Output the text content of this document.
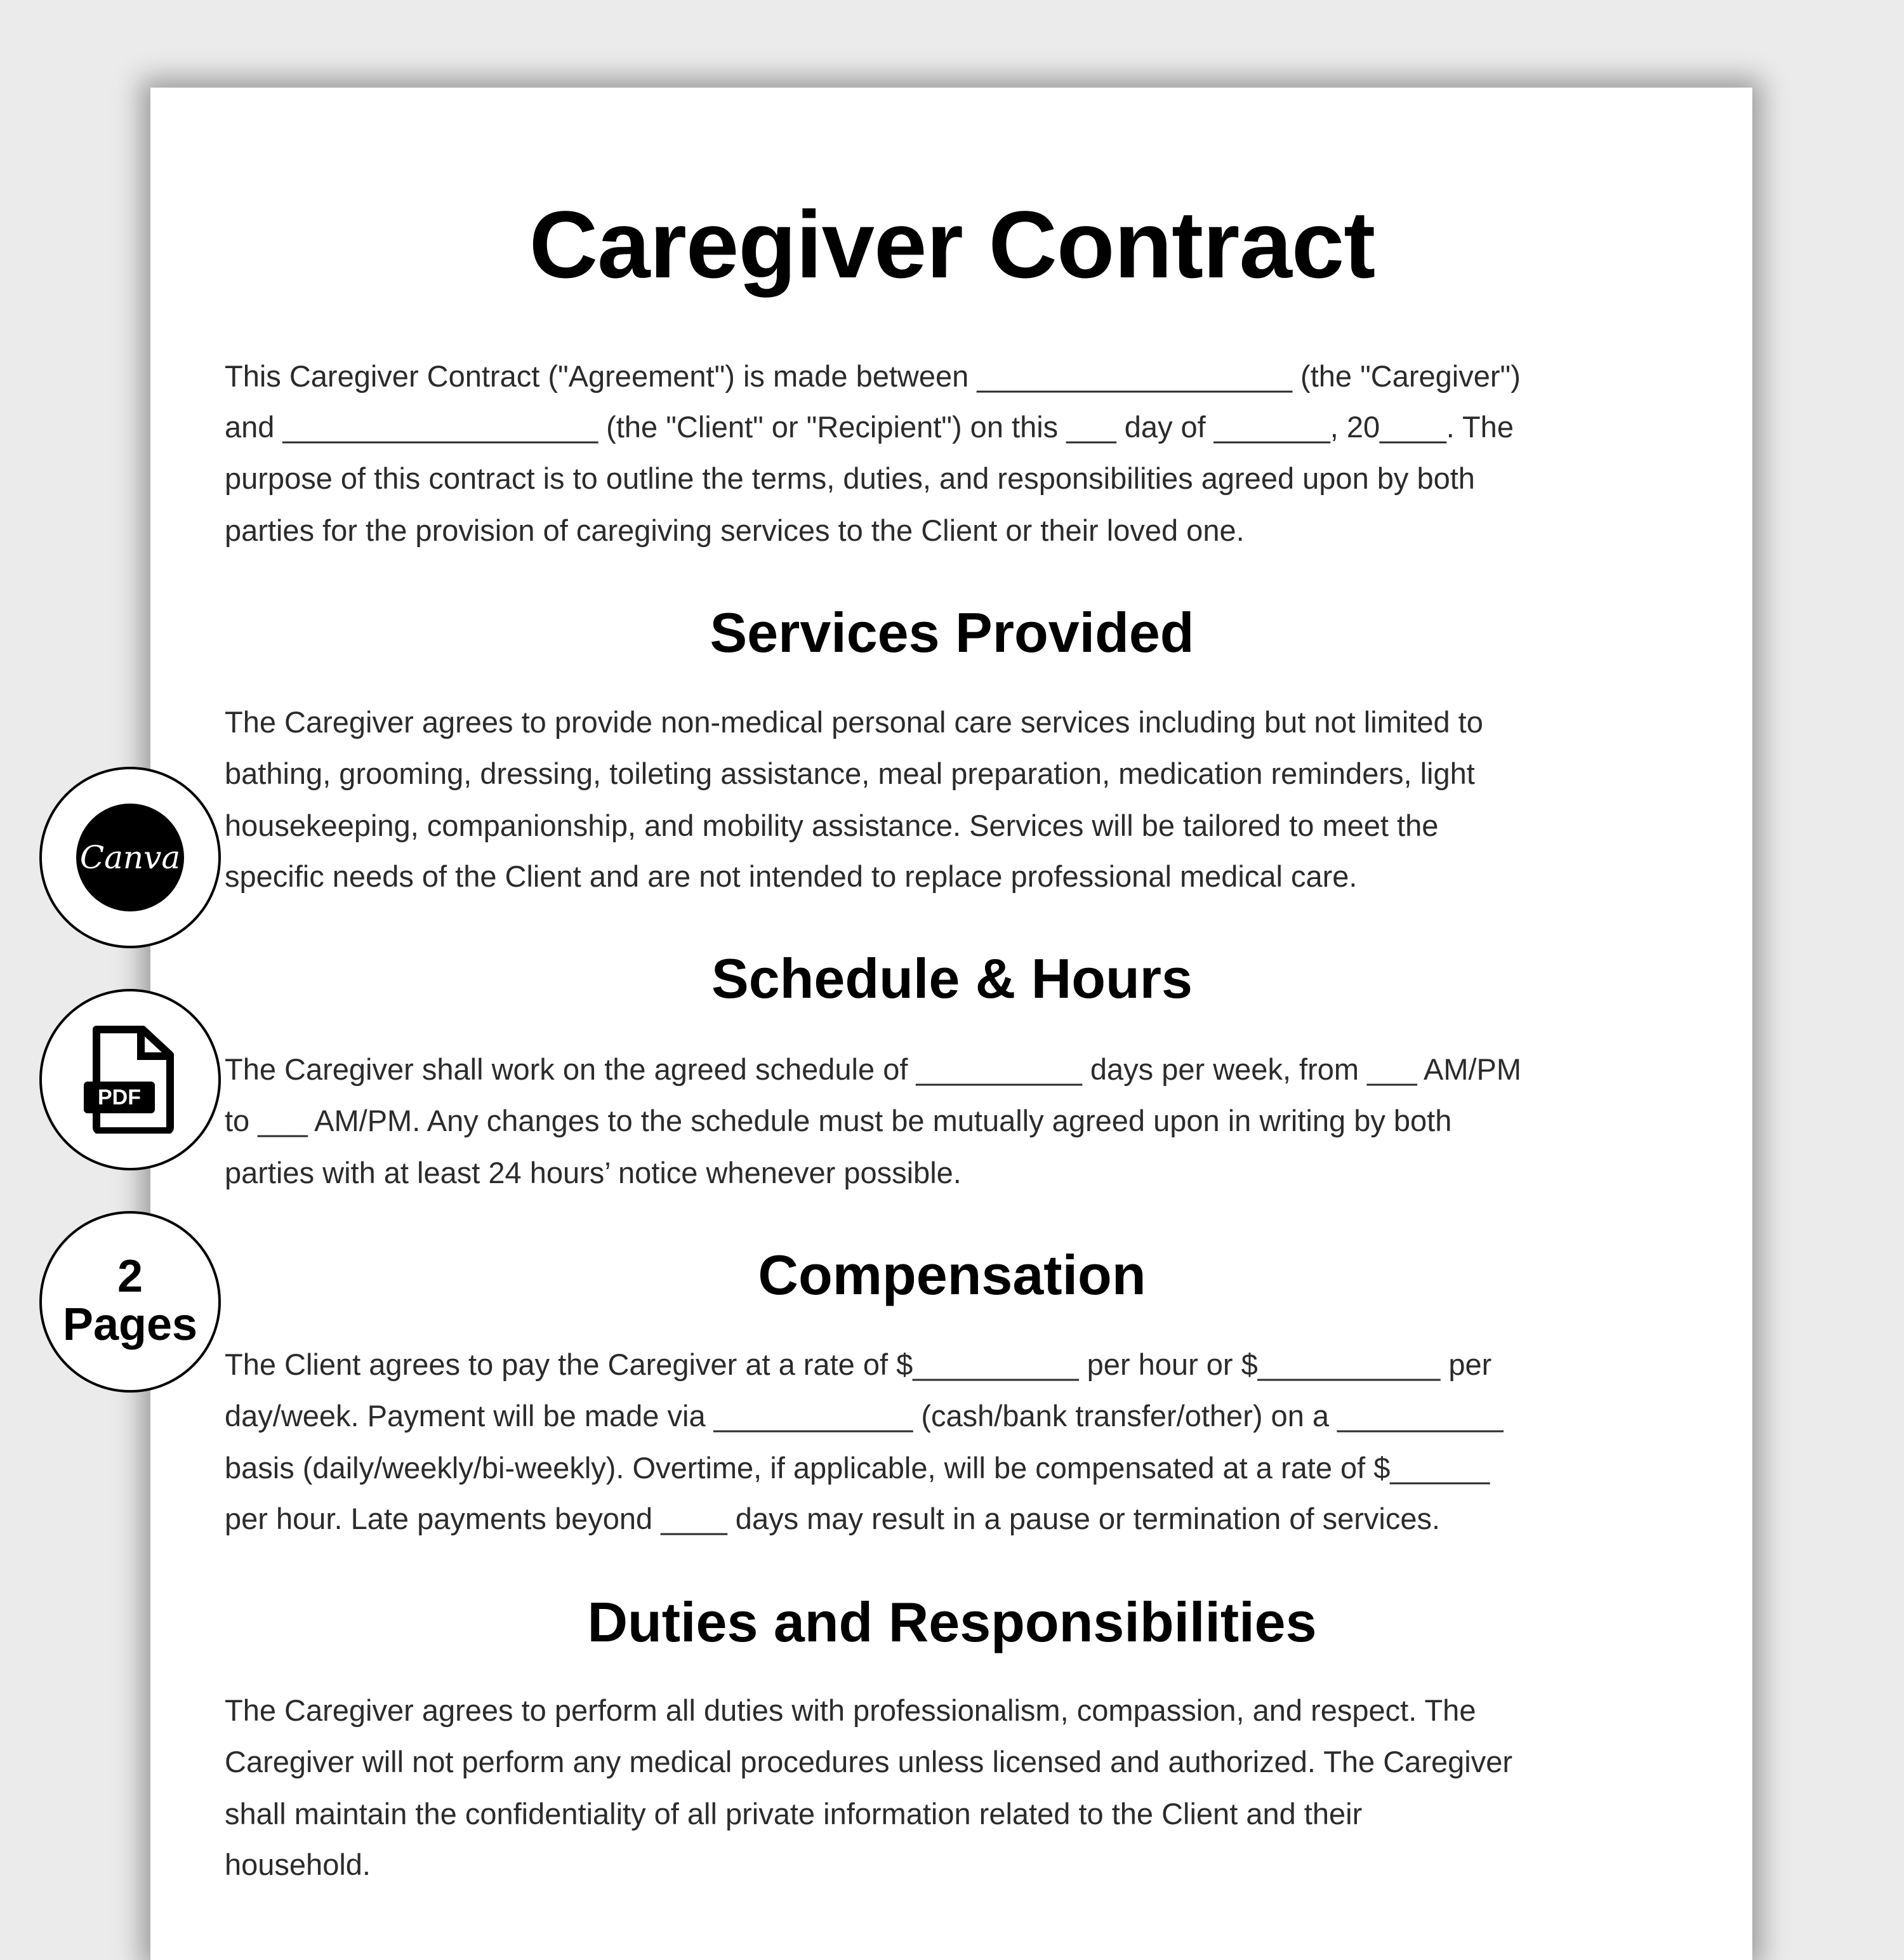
Caregiver Contract
This Caregiver Contract ("Agreement") is made between ___________________ (the "Caregiver")
and ___________________ (the "Client" or "Recipient") on this ___ day of _______, 20____. The
purpose of this contract is to outline the terms, duties, and responsibilities agreed upon by both
parties for the provision of caregiving services to the Client or their loved one.
Services Provided
The Caregiver agrees to provide non-medical personal care services including but not limited to
bathing, grooming, dressing, toileting assistance, meal preparation, medication reminders, light
housekeeping, companionship, and mobility assistance. Services will be tailored to meet the
specific needs of the Client and are not intended to replace professional medical care.
Schedule & Hours
The Caregiver shall work on the agreed schedule of __________ days per week, from ___ AM/PM
to ___ AM/PM. Any changes to the schedule must be mutually agreed upon in writing by both
parties with at least 24 hours’ notice whenever possible.
Compensation
The Client agrees to pay the Caregiver at a rate of $__________ per hour or $___________ per
day/week. Payment will be made via ____________ (cash/bank transfer/other) on a __________
basis (daily/weekly/bi-weekly). Overtime, if applicable, will be compensated at a rate of $______
per hour. Late payments beyond ____ days may result in a pause or termination of services.
Duties and Responsibilities
The Caregiver agrees to perform all duties with professionalism, compassion, and respect. The
Caregiver will not perform any medical procedures unless licensed and authorized. The Caregiver
shall maintain the confidentiality of all private information related to the Client and their
household.
Canva
PDF
2
Pages
